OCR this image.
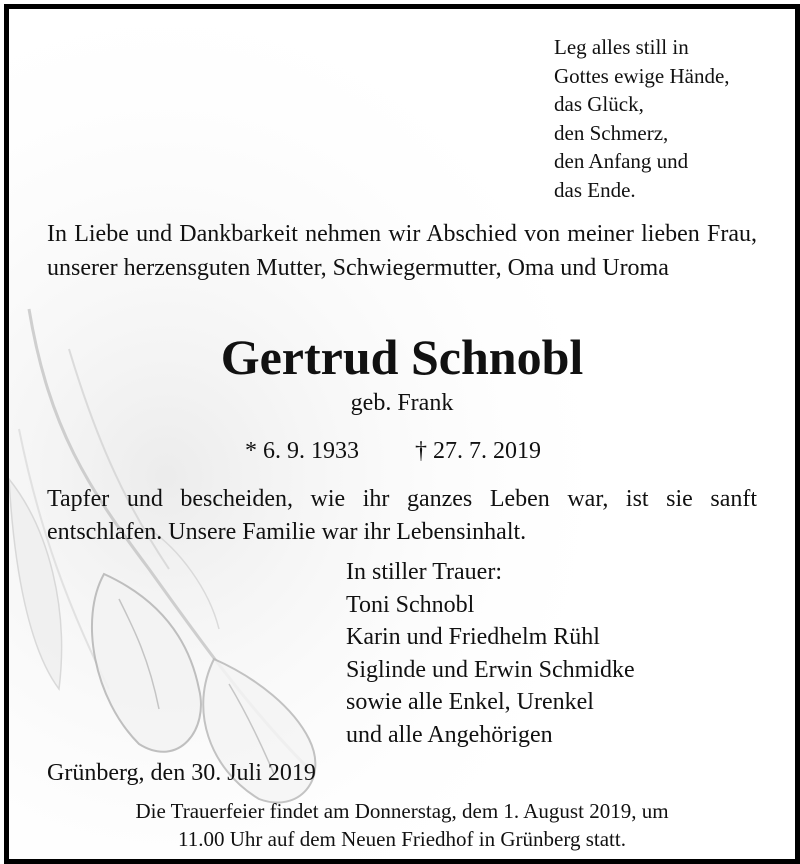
Leg alles still in
Gottes ewige Hände,
das Glück,
den Schmerz,
den Anfang und
das Ende.
In Liebe und Dankbarkeit nehmen wir Abschied von meiner lieben Frau, unserer herzensguten Mutter, Schwiegermutter, Oma und Uroma
Gertrud Schnobl
geb. Frank
* 6. 9. 1933 † 27. 7. 2019
Tapfer und bescheiden, wie ihr ganzes Leben war, ist sie sanft entschlafen. Unsere Familie war ihr Lebensinhalt.
In stiller Trauer:
Toni Schnobl
Karin und Friedhelm Rühl
Siglinde und Erwin Schmidke
sowie alle Enkel, Urenkel
und alle Angehörigen
Grünberg, den 30. Juli 2019
Die Trauerfeier findet am Donnerstag, dem 1. August 2019, um
11.00 Uhr auf dem Neuen Friedhof in Grünberg statt.
